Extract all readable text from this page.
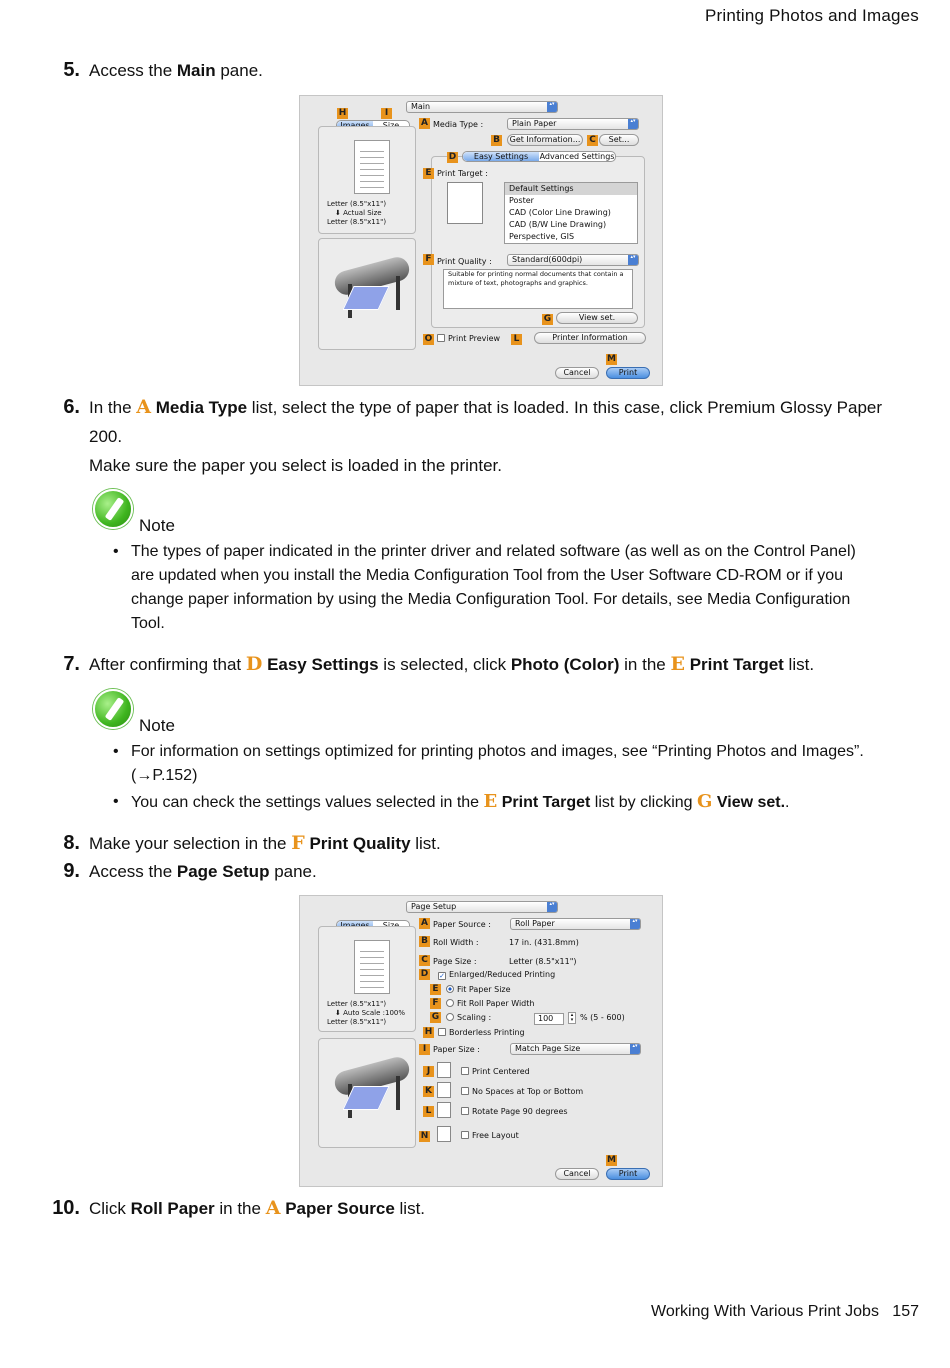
Printing Photos and Images
5. Access the Main pane.
Main ▴▾
H	I
Letter (8.5"x11")
⬇ Actual Size
Letter (8.5"x11")
A Media Type :	Plain Paper ▴▾
B	Get Information... C	Set...
D	Easy Settings	Advanced Settings
E Print Target :
Default Settings
Poster
CAD (Color Line Drawing)
CAD (B/W Line Drawing)
Perspective, GIS
F Print Quality :	Standard(600dpi) ▴▾
Suitable for printing normal documents that contain a mixture of text, photographs and graphics.
G	View set.
O	Print Preview L	Printer Information
M
Cancel	Print
6. In the A Media Type list, select the type of paper that is loaded. In this case, click Premium Glossy Paper 200.
Make sure the paper you select is loaded in the printer.
Note
• The types of paper indicated in the printer driver and related software (as well as on the Control Panel) are updated when you install the Media Configuration Tool from the User Software CD-ROM or if you change paper information by using the Media Configuration Tool. For details, see Media Configuration Tool.
7. After confirming that D Easy Settings is selected, click Photo (Color) in the E Print Target list.
Note
• For information on settings optimized for printing photos and images, see “Printing Photos and Images”. (→P.152)
• You can check the settings values selected in the E Print Target list by clicking G View set..
8. Make your selection in the F Print Quality list.
9. Access the Page Setup pane.
Page Setup ▴▾
Letter (8.5"x11")
⬇ Auto Scale :100%
Letter (8.5"x11")
A Paper Source :	Roll Paper ▴▾
B Roll Width :	17 in. (431.8mm)
C Page Size :	Letter (8.5"x11")
D
✓	Enlarged/Reduced Printing
E	Fit Paper Size
F	Fit Roll Paper Width
G	Scaling :	100	▴
▾ % (5 - 600)
H	Borderless Printing
I Paper Size :	Match Page Size ▴▾
J	Print Centered
K	No Spaces at Top or Bottom
L	Rotate Page 90 degrees
N	Free Layout
M
Cancel	Print
10. Click Roll Paper in the A Paper Source list.
Working With Various Print Jobs 157
